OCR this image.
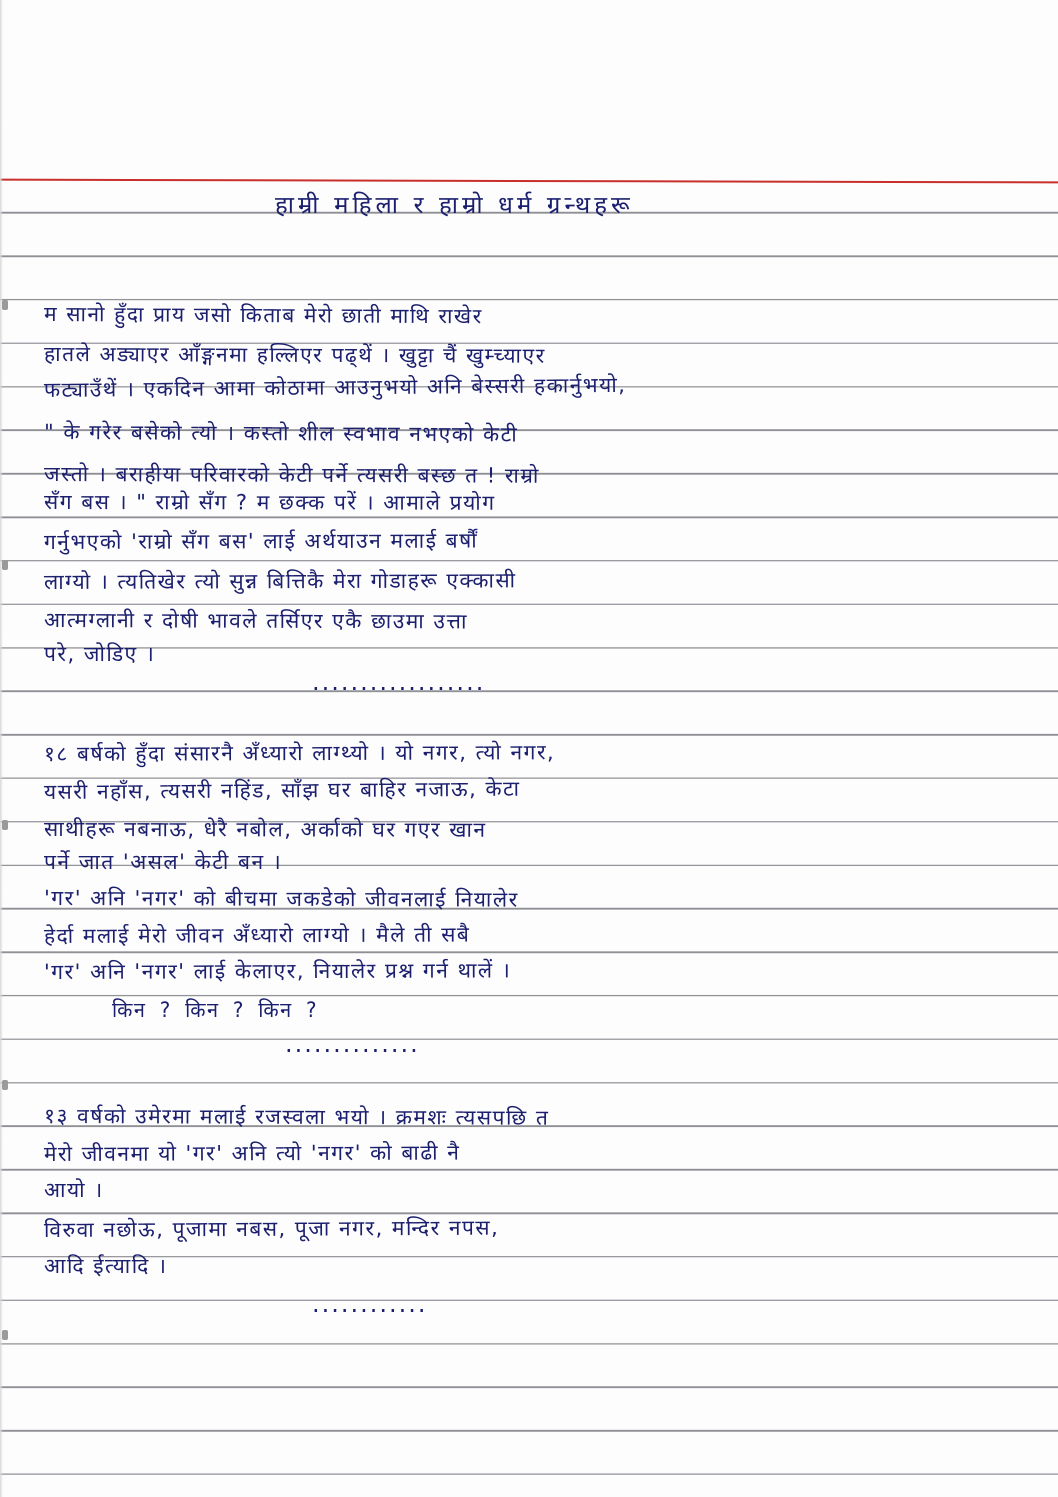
हाम्री महिला र हाम्रो धर्म ग्रन्थहरू
म सानो हुँदा प्राय जसो किताब मेरो छाती माथि राखेर
हातले अड्याएर आँङ्गनमा हल्लिएर पढ्थें । खुट्टा चैं खुम्च्याएर
फट्याउँथें । एकदिन आमा कोठामा आउनुभयो अनि बेस्सरी हकार्नुभयो,
" के गरेर बसेको त्यो । कस्तो शील स्वभाव नभएको केटी
जस्तो । बराहीया परिवारको केटी पर्ने त्यसरी बस्छ त ! राम्रो
सँग बस । " राम्रो सँग ? म छक्क परें । आमाले प्रयोग
गर्नुभएको 'राम्रो सँग बस' लाई अर्थयाउन मलाई बर्षौं
लाग्यो । त्यतिखेर त्यो सुन्न बित्तिकै मेरा गोडाहरू एक्कासी
आत्मग्लानी र दोषी भावले तर्सिएर एकै छाउमा उत्ता
परे, जोडिए ।
..................
१८ बर्षको हुँदा संसारनै अँध्यारो लाग्थ्यो । यो नगर, त्यो नगर,
यसरी नहाँस, त्यसरी नहिंड, साँझ घर बाहिर नजाऊ, केटा
साथीहरू नबनाऊ, धेरै नबोल, अर्काको घर गएर खान
पर्ने जात 'असल' केटी बन ।
'गर' अनि 'नगर' को बीचमा जकडेको जीवनलाई नियालेर
हेर्दा मलाई मेरो जीवन अँध्यारो लाग्यो । मैले ती सबै
'गर' अनि 'नगर' लाई केलाएर, नियालेर प्रश्न गर्न थालें ।
किन ? किन ? किन ?
..............
१३ वर्षको उमेरमा मलाई रजस्वला भयो । क्रमशः त्यसपछि त
मेरो जीवनमा यो 'गर' अनि त्यो 'नगर' को बाढी नै
आयो ।
विरुवा नछोऊ, पूजामा नबस, पूजा नगर, मन्दिर नपस,
आदि ईत्यादि ।
............
